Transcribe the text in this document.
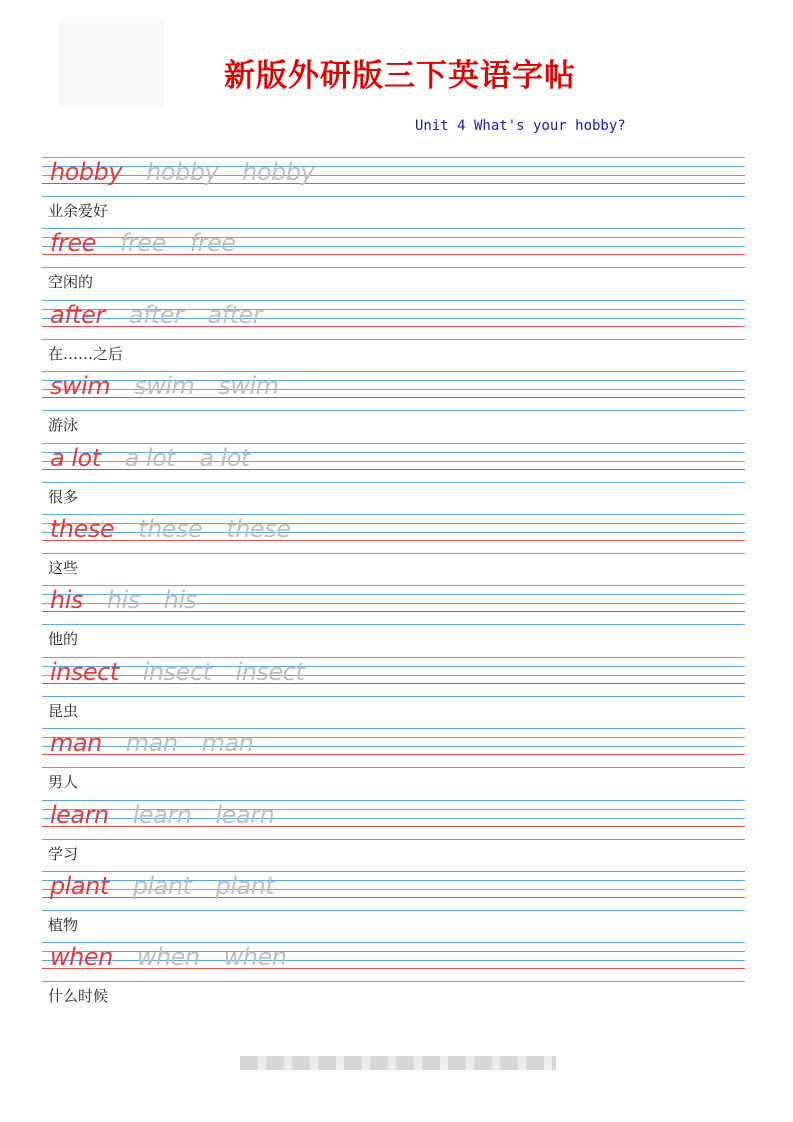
新版外研版三下英语字帖
Unit 4 What's your hobby?
hobby hobby hobby
业余爱好
free free free
空闲的
after after after
在……之后
swim swim swim
游泳
a lot a lot a lot
很多
these these these
这些
his his his
他的
insect insect insect
昆虫
man man man
男人
learn learn learn
学习
plant plant plant
植物
when when when
什么时候
